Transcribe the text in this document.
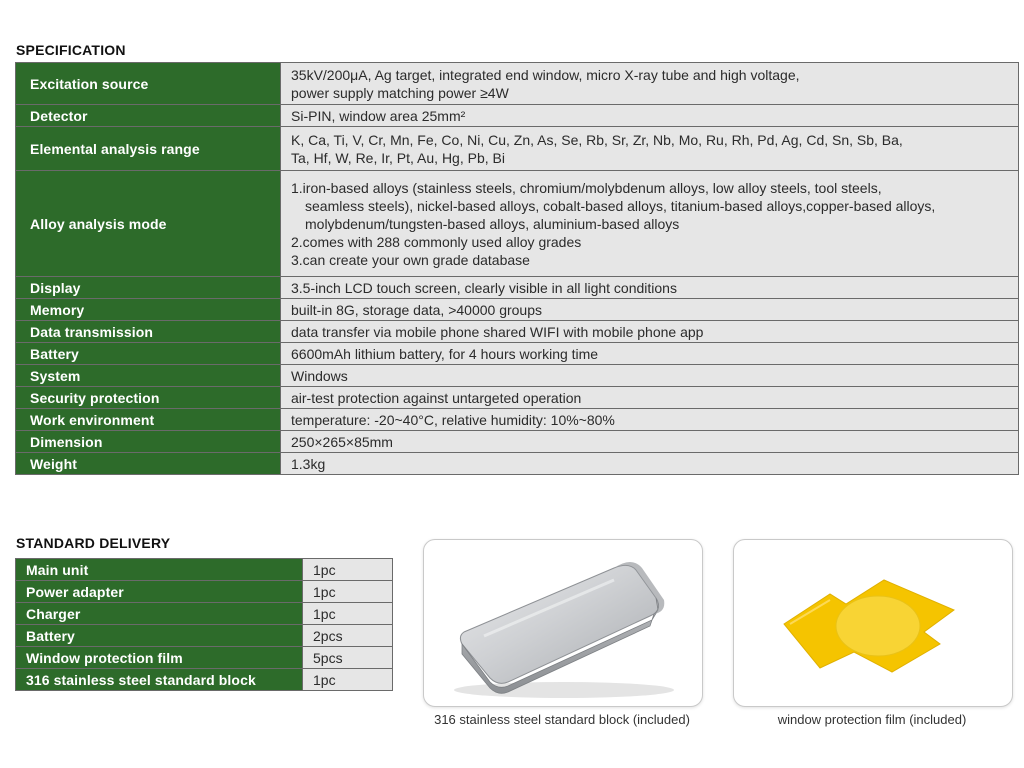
SPECIFICATION
Excitation source	35kV/200μA, Ag target, integrated end window, micro X-ray tube and high voltage,
power supply matching power ≥4W

Detector	Si-PIN, window area 25mm²

Elemental analysis range	K, Ca, Ti, V, Cr, Mn, Fe, Co, Ni, Cu, Zn, As, Se, Rb, Sr, Zr, Nb, Mo, Ru, Rh, Pd, Ag, Cd, Sn, Sb, Ba,
Ta, Hf, W, Re, Ir, Pt, Au, Hg, Pb, Bi

Alloy analysis mode	1.iron-based alloys (stainless steels, chromium/molybdenum alloys, low alloy steels, tool steels,
seamless steels), nickel-based alloys, cobalt-based alloys, titanium-based alloys,copper-based alloys,
molybdenum/tungsten-based alloys, aluminium-based alloys
2.comes with 288 commonly used alloy grades
3.can create your own grade database

Display	3.5-inch LCD touch screen, clearly visible in all light conditions

Memory	built-in 8G, storage data, >40000 groups

Data transmission	data transfer via mobile phone shared WIFI with mobile phone app

Battery	6600mAh lithium battery, for 4 hours working time

System	Windows

Security protection	air-test protection against untargeted operation

Work environment	temperature: -20~40°C, relative humidity: 10%~80%

Dimension	250×265×85mm

Weight	1.3kg
STANDARD DELIVERY
Main unit	1pc
Power adapter	1pc
Charger	1pc
Battery	2pcs
Window protection film	5pcs
316 stainless steel standard block	1pc
316 stainless steel standard block (included)	window protection film (included)
